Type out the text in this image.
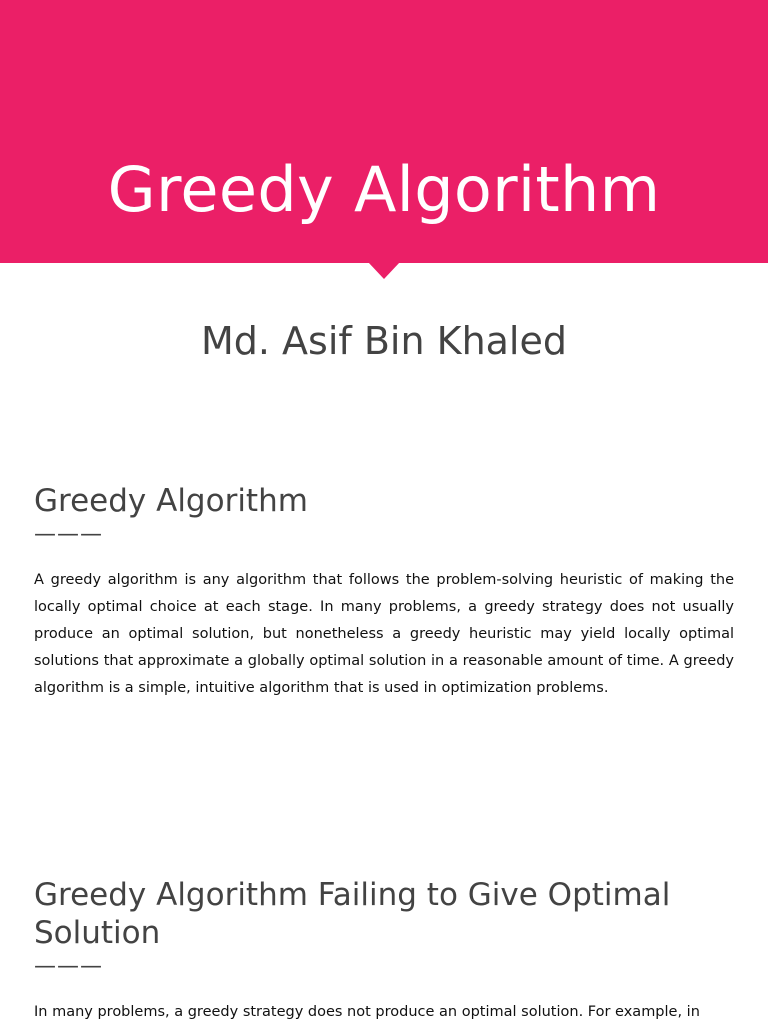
Greedy Algorithm
Md. Asif Bin Khaled
Greedy Algorithm
———
A greedy algorithm is any algorithm that follows the problem-solving heuristic of making the locally optimal choice at each stage. In many problems, a greedy strategy does not usually produce an optimal solution, but nonetheless a greedy heuristic may yield locally optimal solutions that approximate a globally optimal solution in a reasonable amount of time. A greedy algorithm is a simple, intuitive algorithm that is used in optimization problems.
Greedy Algorithm Failing to Give Optimal Solution
———
In many problems, a greedy strategy does not produce an optimal solution. For example, in
